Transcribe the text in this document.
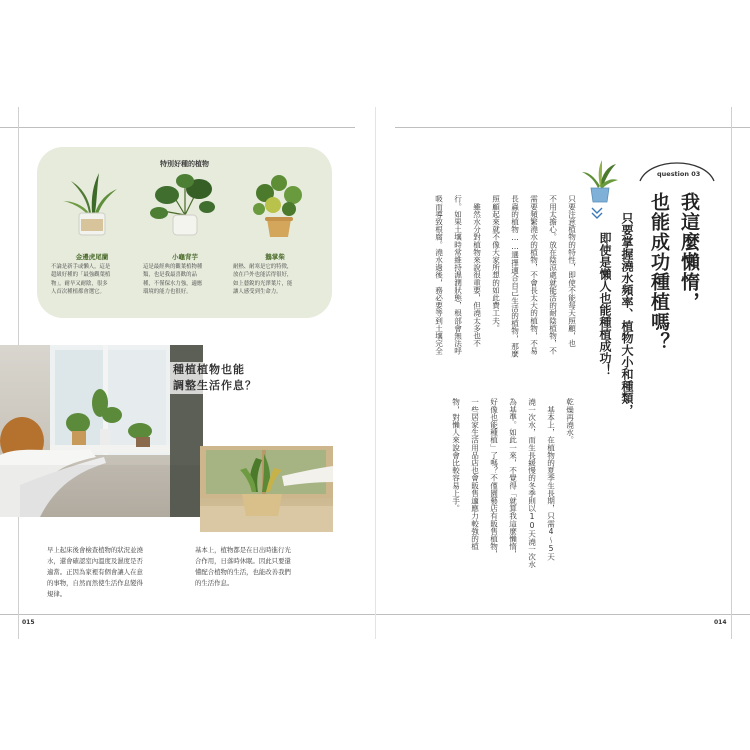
特別好種的植物
金邊虎尾蘭
不論是新手或懶人，這是
超級好種的「最強觀葉植
物」，耐旱又耐陰，很多
人首次種植都會選它。
小龜背芋
這是最經典的觀葉植物種
類，也是我最喜歡的品
種，不僅保水力強，適應
環境的能力也很好。
鵝掌柴
耐熱、耐寒是它的特徵，
放在戶外也能活得很好，
如上藝銳的光澤葉片，能
讓人感受到生命力。
種植植物也能
調整生活作息？
早上起床後會檢查植物的狀況並澆
水，還會確認室內溫度及濕度是否
適當。正因為家裡有個會讓人在意
的事物，自然而然使生活作息變得
規律。
基本上，植物都是在日出時進行光
合作用，日落時休眠。因此只要還
懂配合植物的生活，也能改善我們
的生活作息。
015
question 03
我這麼懶惰，
也能成功種植嗎？
只要掌握澆水頻率、植物大小和種類，
即使是懶人也能種植成功！
只要注意植物的特性，即使不能每天照顧，也
不用太擔心。放在陰涼處就能活的耐陰植物，不
需要頻繁澆水的植物，不會長太大的植物，不易
長蟲的植物……選擇適合自己生活的植物，那麼
照顧起來就不像大家所想的如此費工夫。
　雖然水分對植物來說很重要，但澆太多也不
行。如果土壤時常維持濕潤狀態，根部會無法呼
吸而導致根腐。澆水過後，務必要等到土壤完全
乾燥再澆水。
　基本上，在植物的夏季生長期，只需4～5天
澆一次水，而生長緩慢的冬季則以10天澆一次水
為基準。如此一來，不覺得「就算我這麼懶惰，
好像也能種植」了嗎？不僅園藝店有販售植物，
一些居家生活用品店也會販售適應力較強的植
物，對懶人來說會比較容易上手。
014
